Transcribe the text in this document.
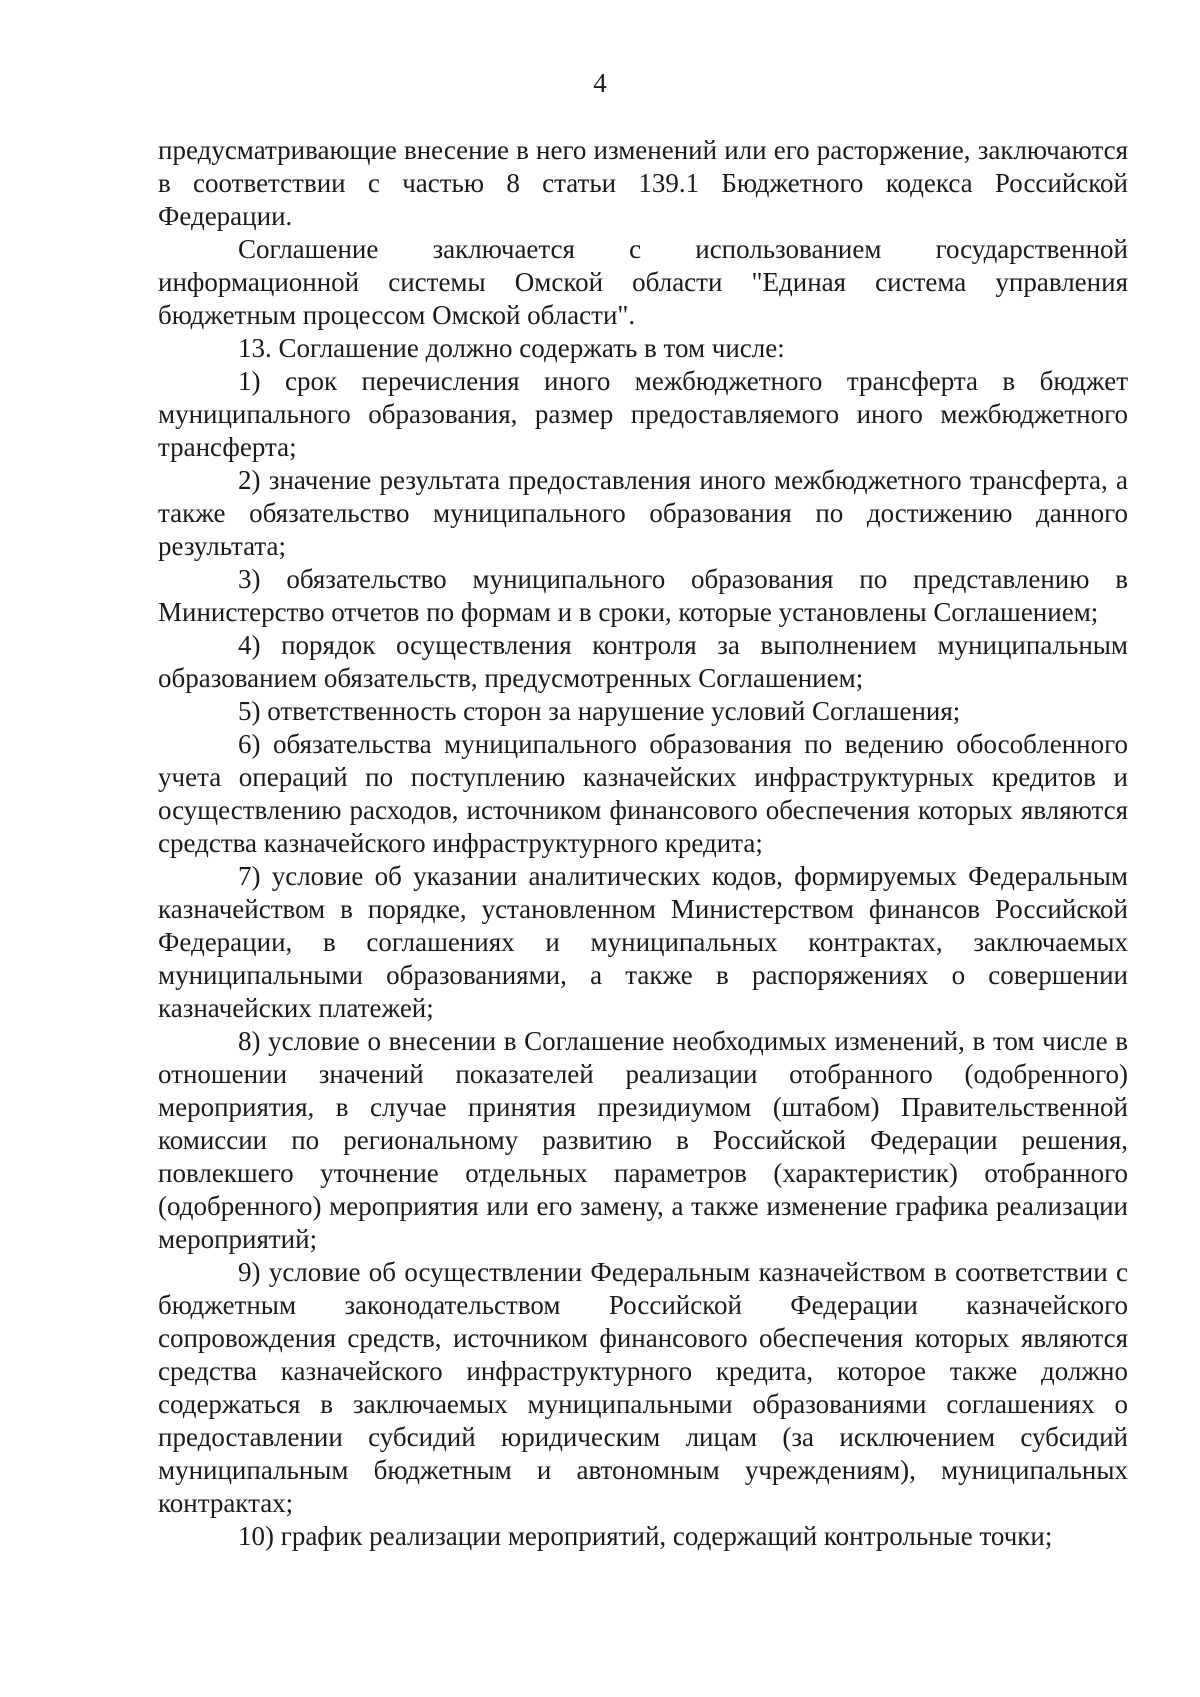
4

предусматривающие внесение в него изменений или его расторжение, заключаются в соответствии с частью 8 статьи 139.1 Бюджетного кодекса Российской Федерации.

Соглашение заключается с использованием государственной информационной системы Омской области "Единая система управления бюджетным процессом Омской области".

13. Соглашение должно содержать в том числе:

1) срок перечисления иного межбюджетного трансферта в бюджет муниципального образования, размер предоставляемого иного межбюджетного трансферта;

2) значение результата предоставления иного межбюджетного трансферта, а также обязательство муниципального образования по достижению данного результата;

3) обязательство муниципального образования по представлению в Министерство отчетов по формам и в сроки, которые установлены Соглашением;

4) порядок осуществления контроля за выполнением муниципальным образованием обязательств, предусмотренных Соглашением;

5) ответственность сторон за нарушение условий Соглашения;

6) обязательства муниципального образования по ведению обособленного учета операций по поступлению казначейских инфраструктурных кредитов и осуществлению расходов, источником финансового обеспечения которых являются средства казначейского инфраструктурного кредита;

7) условие об указании аналитических кодов, формируемых Федеральным казначейством в порядке, установленном Министерством финансов Российской Федерации, в соглашениях и муниципальных контрактах, заключаемых муниципальными образованиями, а также в распоряжениях о совершении казначейских платежей;

8) условие о внесении в Соглашение необходимых изменений, в том числе в отношении значений показателей реализации отобранного (одобренного) мероприятия, в случае принятия президиумом (штабом) Правительственной комиссии по региональному развитию в Российской Федерации решения, повлекшего уточнение отдельных параметров (характеристик) отобранного (одобренного) мероприятия или его замену, а также изменение графика реализации мероприятий;

9) условие об осуществлении Федеральным казначейством в соответствии с бюджетным законодательством Российской Федерации казначейского сопровождения средств, источником финансового обеспечения которых являются средства казначейского инфраструктурного кредита, которое также должно содержаться в заключаемых муниципальными образованиями соглашениях о предоставлении субсидий юридическим лицам (за исключением субсидий муниципальным бюджетным и автономным учреждениям), муниципальных контрактах;

10) график реализации мероприятий, содержащий контрольные точки;
